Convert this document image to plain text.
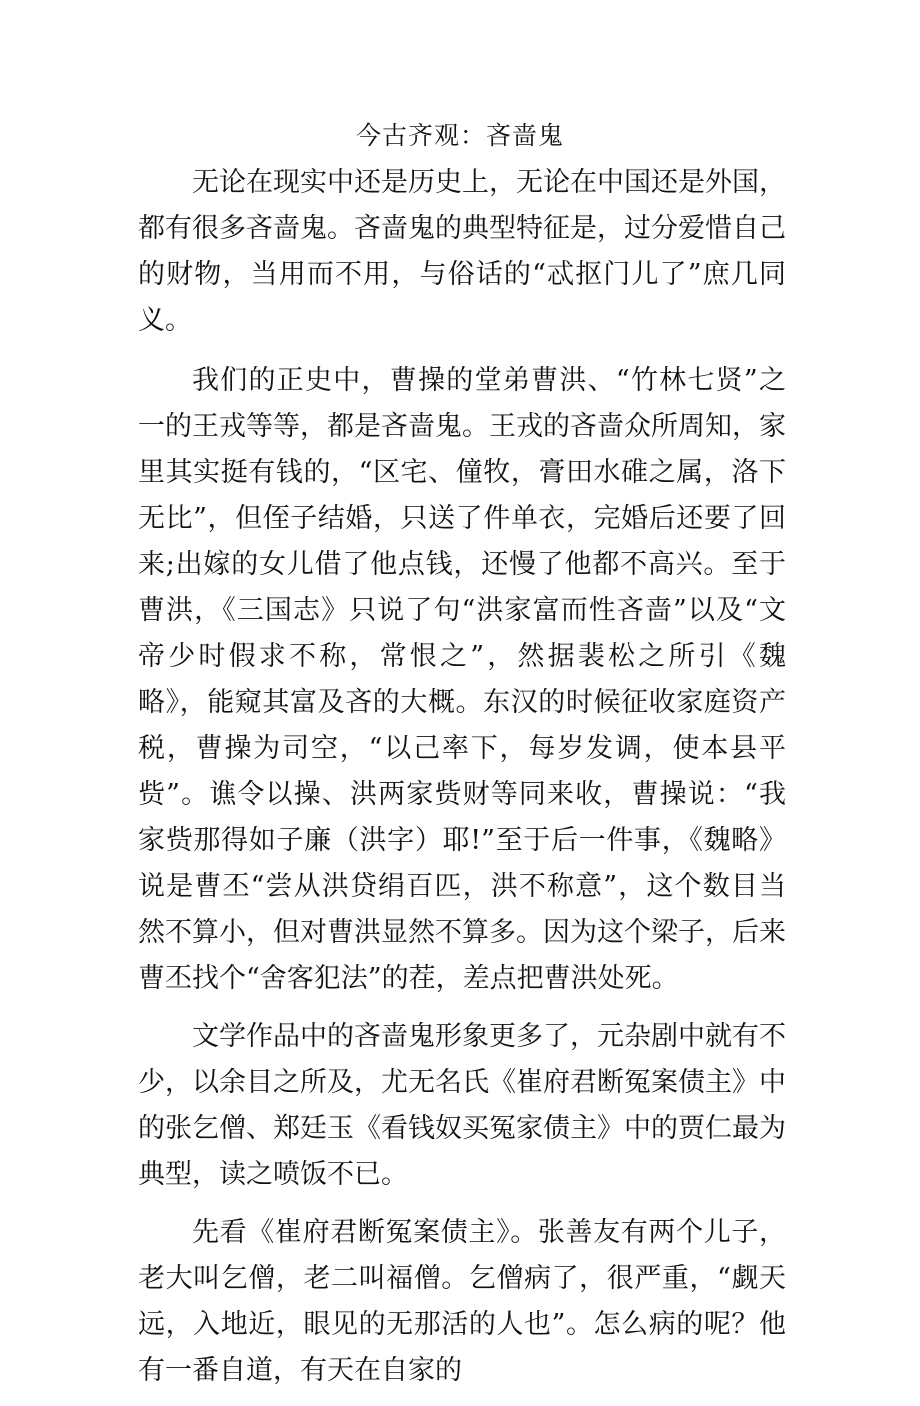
今古齐观：吝啬鬼

无论在现实中还是历史上，无论在中国还是外国，都有很多吝啬鬼。吝啬鬼的典型特征是，过分爱惜自己的财物，当用而不用，与俗话的“忒抠门儿了”庶几同义。

我们的正史中，曹操的堂弟曹洪、“竹林七贤”之一的王戎等等，都是吝啬鬼。王戎的吝啬众所周知，家里其实挺有钱的，“区宅、僮牧，膏田水碓之属，洛下无比”，但侄子结婚，只送了件单衣，完婚后还要了回来;出嫁的女儿借了他点钱，还慢了他都不高兴。至于曹洪，《三国志》只说了句“洪家富而性吝啬”以及“文帝少时假求不称，常恨之”，然据裴松之所引《魏略》，能窥其富及吝的大概。东汉的时候征收家庭资产税，曹操为司空，“以己率下，每岁发调，使本县平赀”。谯令以操、洪两家赀财等同来收，曹操说：“我家赀那得如子廉（洪字）耶!”至于后一件事，《魏略》说是曹丕“尝从洪贷绢百匹，洪不称意”，这个数目当然不算小，但对曹洪显然不算多。因为这个梁子，后来曹丕找个“舍客犯法”的茬，差点把曹洪处死。

文学作品中的吝啬鬼形象更多了，元杂剧中就有不少，以余目之所及，尤无名氏《崔府君断冤案债主》中的张乞僧、郑廷玉《看钱奴买冤家债主》中的贾仁最为典型，读之喷饭不已。

先看《崔府君断冤案债主》。张善友有两个儿子，老大叫乞僧，老二叫福僧。乞僧病了，很严重，“觑天远，入地近，眼见的无那活的人也”。怎么病的呢？他有一番自道，有天在自家的
